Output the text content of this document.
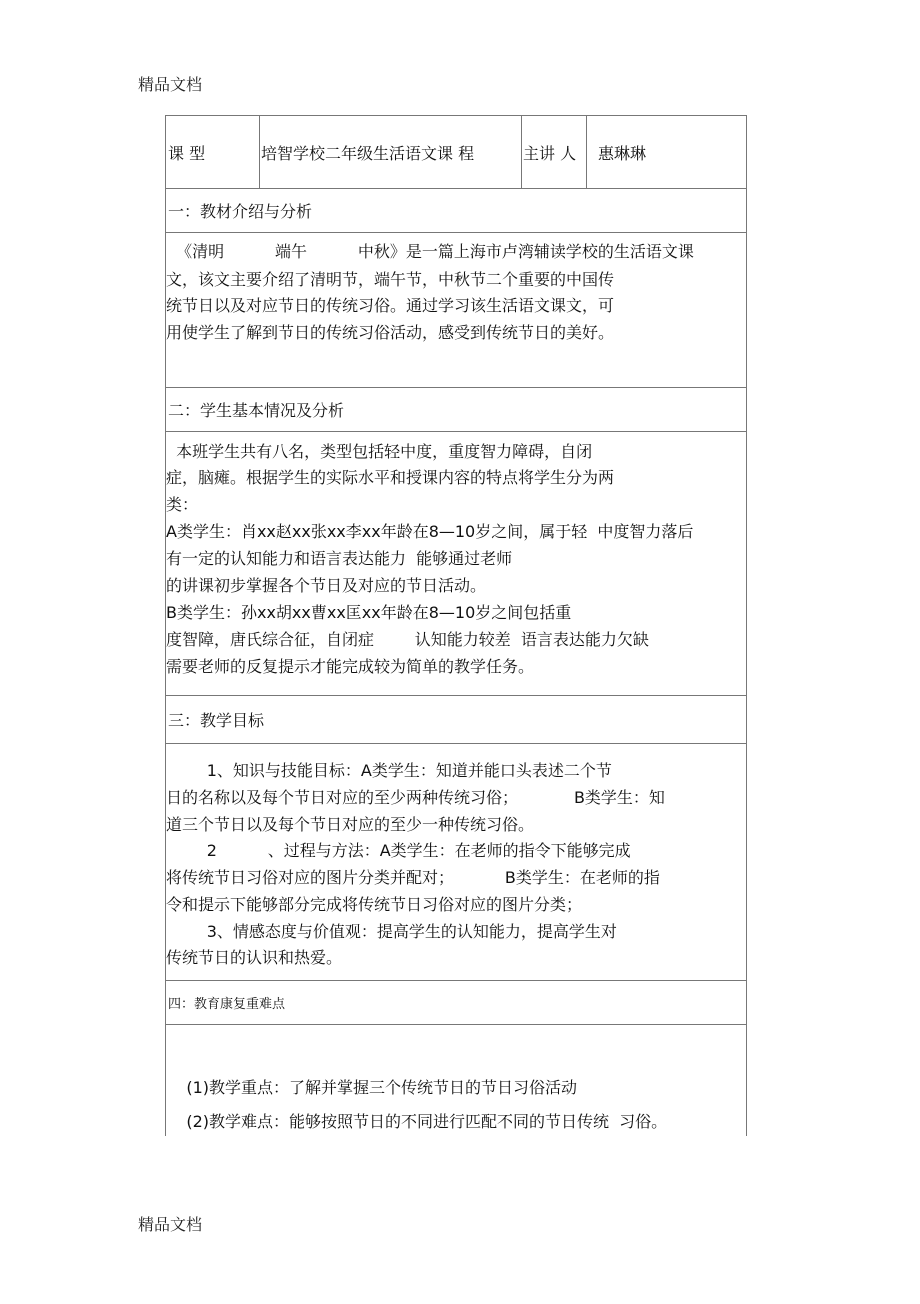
精品文档
课 型	培智学校二年级生活语文课 程	主讲 人 惠琳琳
一：教材介绍与分析
《清明          端午          中秋》是一篇上海市卢湾辅读学校的生活语文课
文，该文主要介绍了清明节，端午节，中秋节二个重要的中国传
统节日以及对应节日的传统习俗。通过学习该生活语文课文，可
用使学生了解到节日的传统习俗活动，感受到传统节日的美好。
二：学生基本情况及分析
本班学生共有八名，类型包括轻中度，重度智力障碍，自闭
症，脑瘫。根据学生的实际水平和授课内容的特点将学生分为两
类：
A类学生：肖xx赵xx张xx李xx年龄在8—10岁之间，属于轻  中度智力落后
有一定的认知能力和语言表达能力  能够通过老师
的讲课初步掌握各个节日及对应的节日活动。
B类学生：孙xx胡xx曹xx匡xx年龄在8—10岁之间包括重
度智障，唐氏综合征，自闭症        认知能力较差  语言表达能力欠缺
需要老师的反复提示才能完成较为简单的教学任务。
三：教学目标
1、知识与技能目标：A类学生：知道并能口头表述二个节
日的名称以及每个节日对应的至少两种传统习俗；           B类学生：知
道三个节日以及每个节日对应的至少一种传统习俗。
2          、过程与方法：A类学生：在老师的指令下能够完成
将传统节日习俗对应的图片分类并配对；          B类学生：在老师的指
令和提示下能够部分完成将传统节日习俗对应的图片分类；
3、情感态度与价值观：提高学生的认知能力，提高学生对
传统节日的认识和热爱。
四：教育康复重难点
(1)教学重点：了解并掌握三个传统节日的节日习俗活动
(2)教学难点：能够按照节日的不同进行匹配不同的节日传统  习俗。
精品文档
